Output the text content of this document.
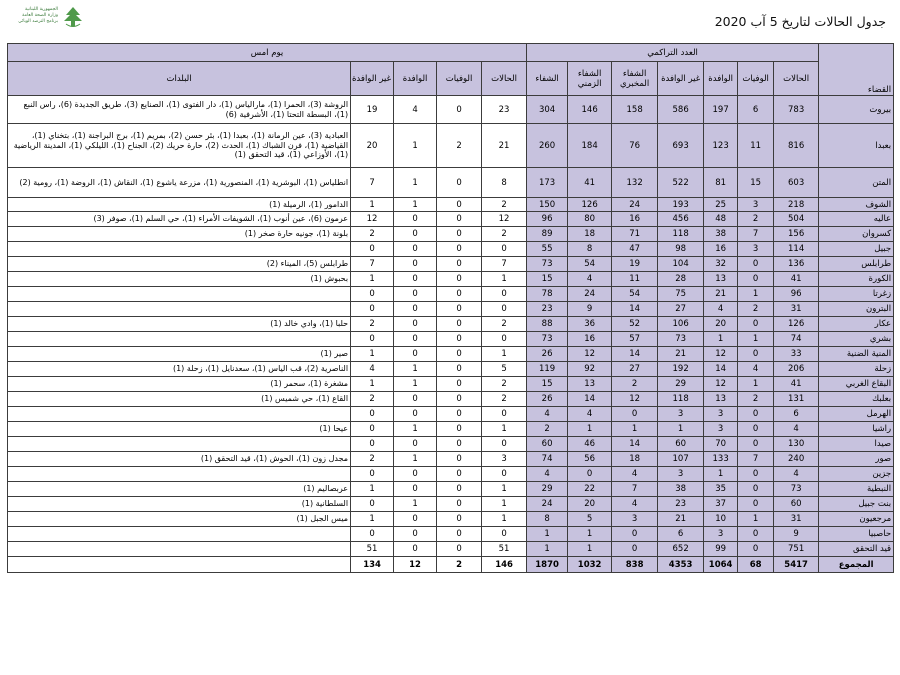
الجمهورية اللبنانية
وزارة الصحة العامة
برنامج الترصد الوبائي	جدول الحالات لتاريخ 5 آب 2020
القضاء	العدد التراكمي							يوم امس				
	الحالات	الوفيات	الوافدة	غير الوافدة	الشفاء المخبري	الشفاء الزمني	الشفاء	الحالات	الوفيات	الوافدة	غير الوافدة	البلدات
بيروت	783	6	197	586	158	146	304	23	0	4	19	الروشة (3)، الحمرا (1)، مارالياس (1)، دار الفتوى (1)، الصنايع (3)، طريق الجديدة (6)، راس النبع (1)، البسطة التحتا (1)، الأشرفية (6)
بعبدا	816	11	123	693	76	184	260	21	2	1	20	العبادية (3)، عين الرمانة (1)، بعبدا (1)، بئر حسن (2)، بمريم (1)، برج البراجنة (1)، بتخناي (1)، القياضية (1)، فرن الشباك (1)، الحدث (2)، حارة حريك (2)، الجناح (1)، الليلكي (1)، المدينة الرياضية (1)، الأوزاعي (1)، قيد التحقق (1)
المتن	603	15	81	522	132	41	173	8	0	1	7	انطلياس (1)، البوشرية (1)، المنصورية (1)، مزرعة ياشوع (1)، النقاش (1)، الروضة (1)، رومية (2)
الشوف	218	3	25	193	24	126	150	2	0	1	1	الدامور (1)، الرميلة (1)
عاليه	504	2	48	456	16	80	96	12	0	0	12	عرمون (6)، عين أنوب (1)، الشويفات الأمراء (1)، حي السلم (1)، صوفر (3)
كسروان	156	7	38	118	71	18	89	2	0	0	2	بلونة (1)، جونيه حارة صخر (1)
جبيل	114	3	16	98	47	8	55	0	0	0	0	
طرابلس	136	0	32	104	19	54	73	7	0	0	7	طرابلس (5)، الميناء (2)
الكورة	41	0	13	28	11	4	15	1	0	0	1	بحبوش (1)
زغرتا	96	1	21	75	54	24	78	0	0	0	0	
البترون	31	2	4	27	14	9	23	0	0	0	0	
عكار	126	0	20	106	52	36	88	2	0	0	2	حلبا (1)، وادي خالد (1)
بشري	74	1	1	73	57	16	73	0	0	0	0	
المنية الضنية	33	0	12	21	14	12	26	1	0	0	1	صير (1)
زحلة	206	4	14	192	27	92	119	5	0	1	4	الناصرية (2)، قب الياس (1)، سعدنايل (1)، زحلة (1)
البقاع الغربي	41	1	12	29	2	13	15	2	0	1	1	مشغرة (1)، سحمر (1)
بعلبك	131	2	13	118	12	14	26	2	0	0	2	القاع (1)، حي شميس (1)
الهرمل	6	0	3	3	0	4	4	0	0	0	0	
راشيا	4	0	3	1	1	1	2	1	0	1	0	عيحا (1)
صيدا	130	0	70	60	14	46	60	0	0	0	0	
صور	240	7	133	107	18	56	74	3	0	1	2	مجدل زون (1)، الحوش (1)، قيد التحقق (1)
جزين	4	0	1	3	4	0	4	0	0	0	0	
النبطية	73	0	35	38	7	22	29	1	0	0	1	عربصاليم (1)
بنت جبيل	60	0	37	23	4	20	24	1	0	1	0	السلطانية (1)
مرجعيون	31	1	10	21	3	5	8	1	0	0	1	ميس الجبل (1)
حاصبيا	9	0	3	6	0	1	1	0	0	0	0	
قيد التحقق	751	0	99	652	0	1	1	51	0	0	51	
المجموع	5417	68	1064	4353	838	1032	1870	146	2	12	134	
